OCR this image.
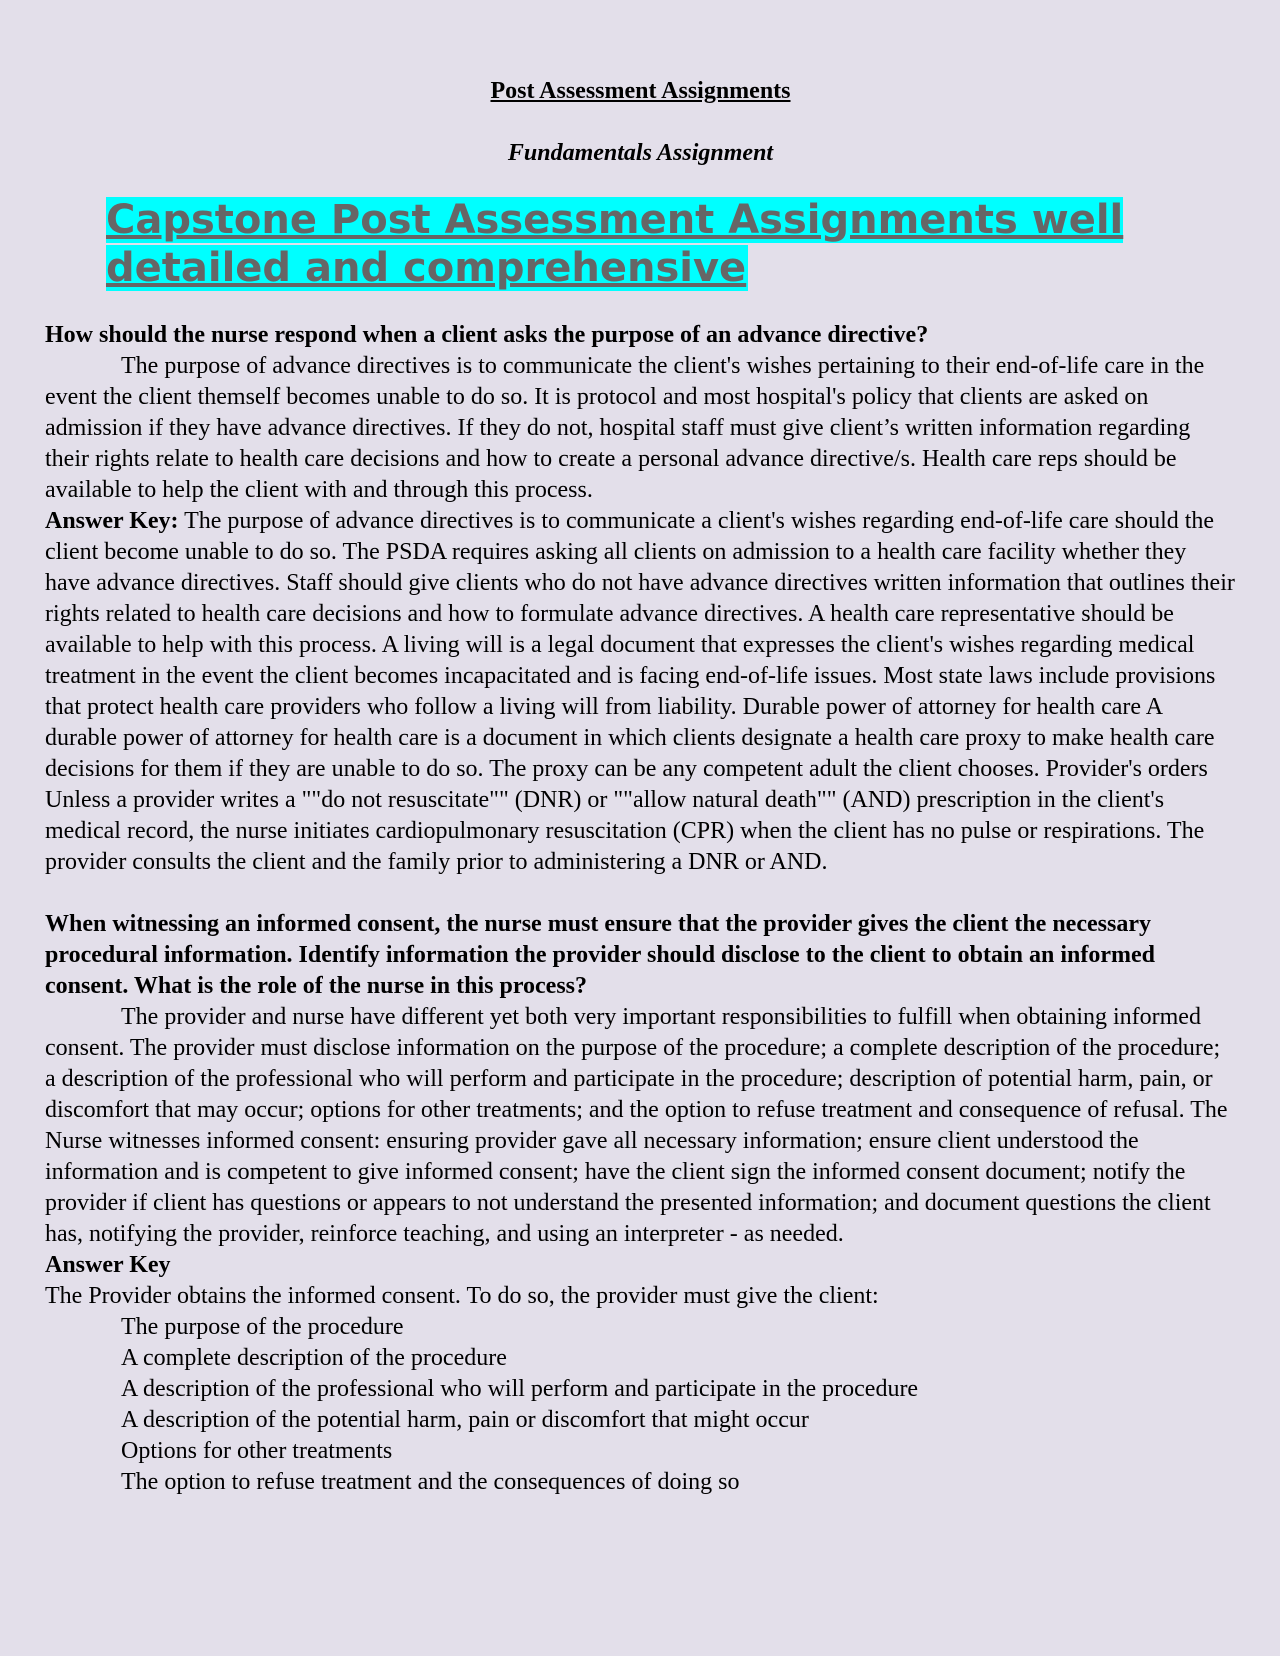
Post Assessment Assignments
Fundamentals Assignment
Capstone Post Assessment Assignments well detailed and comprehensive

How should the nurse respond when a client asks the purpose of an advance directive?

The purpose of advance directives is to communicate the client's wishes pertaining to their end-of-life care in the event the client themself becomes unable to do so. It is protocol and most hospital's policy that clients are asked on admission if they have advance directives. If they do not, hospital staff must give client’s written information regarding their rights relate to health care decisions and how to create a personal advance directive/s. Health care reps should be available to help the client with and through this process.

Answer Key: The purpose of advance directives is to communicate a client's wishes regarding end-of-life care should the client become unable to do so. The PSDA requires asking all clients on admission to a health care facility whether they have advance directives. Staff should give clients who do not have advance directives written information that outlines their rights related to health care decisions and how to formulate advance directives. A health care representative should be available to help with this process. A living will is a legal document that expresses the client's wishes regarding medical treatment in the event the client becomes incapacitated and is facing end-of-life issues. Most state laws include provisions that protect health care providers who follow a living will from liability. Durable power of attorney for health care A durable power of attorney for health care is a document in which clients designate a health care proxy to make health care decisions for them if they are unable to do so. The proxy can be any competent adult the client chooses. Provider's orders Unless a provider writes a ""do not resuscitate"" (DNR) or ""allow natural death"" (AND) prescription in the client's medical record, the nurse initiates cardiopulmonary resuscitation (CPR) when the client has no pulse or respirations. The provider consults the client and the family prior to administering a DNR or AND.

When witnessing an informed consent, the nurse must ensure that the provider gives the client the necessary procedural information. Identify information the provider should disclose to the client to obtain an informed consent. What is the role of the nurse in this process?

The provider and nurse have different yet both very important responsibilities to fulfill when obtaining informed consent. The provider must disclose information on the purpose of the procedure; a complete description of the procedure; a description of the professional who will perform and participate in the procedure; description of potential harm, pain, or discomfort that may occur; options for other treatments; and the option to refuse treatment and consequence of refusal. The Nurse witnesses informed consent: ensuring provider gave all necessary information; ensure client understood the information and is competent to give informed consent; have the client sign the informed consent document; notify the provider if client has questions or appears to not understand the presented information; and document questions the client has, notifying the provider, reinforce teaching, and using an interpreter - as needed.

Answer Key

The Provider obtains the informed consent. To do so, the provider must give the client:

The purpose of the procedure
A complete description of the procedure
A description of the professional who will perform and participate in the procedure
A description of the potential harm, pain or discomfort that might occur
Options for other treatments
The option to refuse treatment and the consequences of doing so
